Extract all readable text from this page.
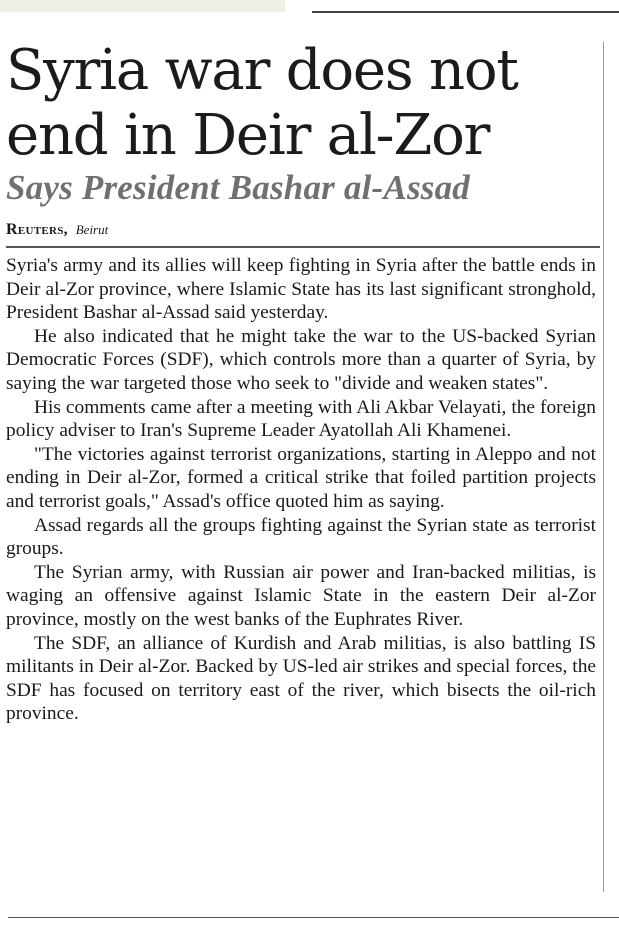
Syria war does not end in Deir al-Zor
Says President Bashar al-Assad
Reuters, Beirut

Syria's army and its allies will keep fighting in Syria after the battle ends in Deir al-Zor province, where Islamic State has its last significant stronghold, President Bashar al-Assad said yesterday.

He also indicated that he might take the war to the US-backed Syrian Democratic Forces (SDF), which controls more than a quarter of Syria, by saying the war targeted those who seek to "divide and weaken states".

His comments came after a meeting with Ali Akbar Velayati, the foreign policy adviser to Iran's Supreme Leader Ayatollah Ali Khamenei.

"The victories against terrorist organizations, starting in Aleppo and not ending in Deir al-Zor, formed a critical strike that foiled partition projects and terrorist goals," Assad's office quoted him as saying.

Assad regards all the groups fighting against the Syrian state as terrorist groups.

The Syrian army, with Russian air power and Iran-backed militias, is waging an offensive against Islamic State in the eastern Deir al-Zor province, mostly on the west banks of the Euphrates River.

The SDF, an alliance of Kurdish and Arab militias, is also battling IS militants in Deir al-Zor. Backed by US-led air strikes and special forces, the SDF has focused on territory east of the river, which bisects the oil-rich province.
